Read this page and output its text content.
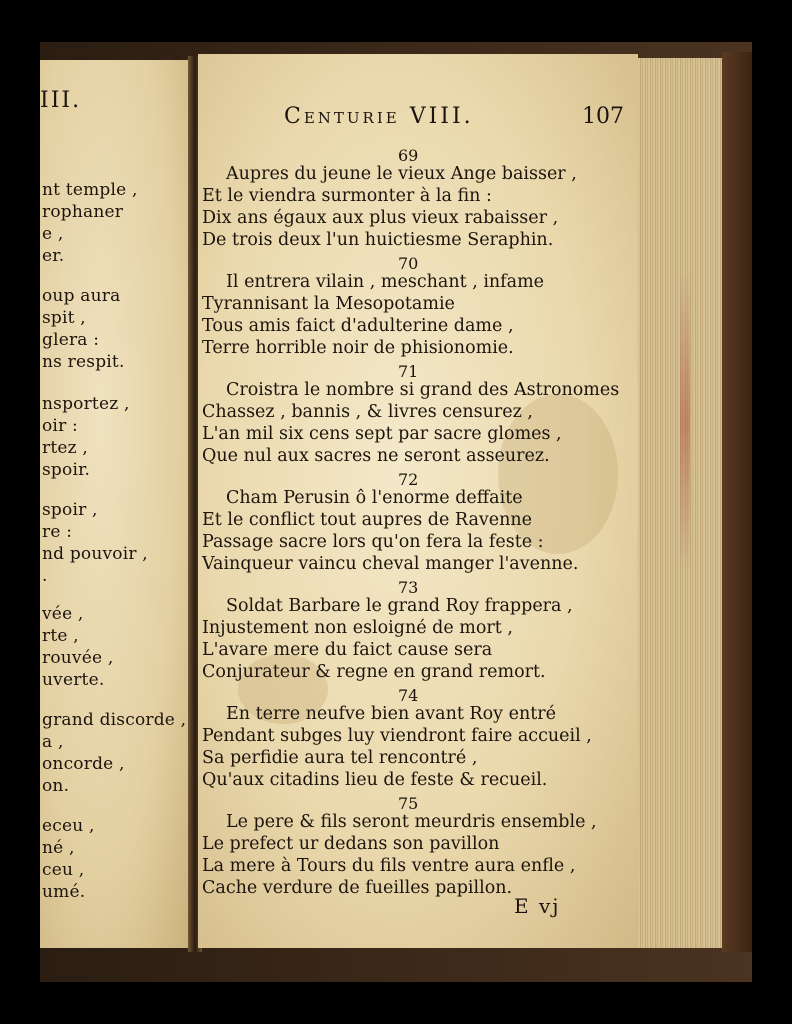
III.
nt temple ,
rophaner
e ,
er.
oup aura
spit ,
glera :
ns respit.
nsportez ,
oir :
rtez ,
spoir.
spoir ,
re :
nd pouvoir ,
.
vée ,
rte ,
rouvée ,
uverte.
grand discorde ,
a ,
oncorde ,
on.
eceu ,
né ,
ceu ,
umé.
Centurie VIII.	107
69
Aupres du jeune le vieux Ange baisser ,
Et le viendra surmonter à la fin :
Dix ans égaux aux plus vieux rabaisser ,
De trois deux l'un huictiesme Seraphin.
70
Il entrera vilain , meschant , infame
Tyrannisant la Mesopotamie
Tous amis faict d'adulterine dame ,
Terre horrible noir de phisionomie.
71
Croistra le nombre si grand des Astronomes
Chassez , bannis , & livres censurez ,
L'an mil six cens sept par sacre glomes ,
Que nul aux sacres ne seront asseurez.
72
Cham Perusin ô l'enorme deffaite
Et le conflict tout aupres de Ravenne
Passage sacre lors qu'on fera la feste :
Vainqueur vaincu cheval manger l'avenne.
73
Soldat Barbare le grand Roy frappera ,
Injustement non esloigné de mort ,
L'avare mere du faict cause sera
Conjurateur & regne en grand remort.
74
En terre neufve bien avant Roy entré
Pendant subges luy viendront faire accueil ,
Sa perfidie aura tel rencontré ,
Qu'aux citadins lieu de feste & recueil.
75
Le pere & fils seront meurdris ensemble ,
Le prefect ur dedans son pavillon
La mere à Tours du fils ventre aura enfle ,
Cache verdure de fueilles papillon.
E vj
